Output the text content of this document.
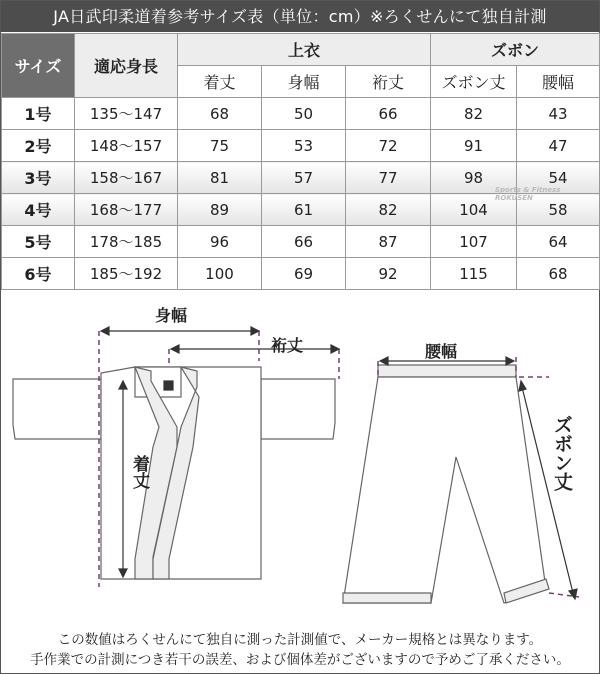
JA日武印柔道着参考サイズ表（単位：cm）※ろくせんにて独自計測
サイズ	適応身長	上衣			ズボン	
		着丈	身幅	裄丈	ズボン丈	腰幅
1号	135〜147	68	50	66	82	43
2号	148〜157	75	53	72	91	47
3号	158〜167	81	57	77	98	54
4号	168〜177	89	61	82	104	58
5号	178〜185	96	66	87	107	64
6号	185〜192	100	69	92	115	68
Sports & Fitness
ROKUSEN
身幅
裄丈
着丈
腰幅
ズボン丈
この数値はろくせんにて独自に測った計測値で、メーカー規格とは異なります。
手作業での計測につき若干の誤差、および個体差がございますので予めご了承ください。
